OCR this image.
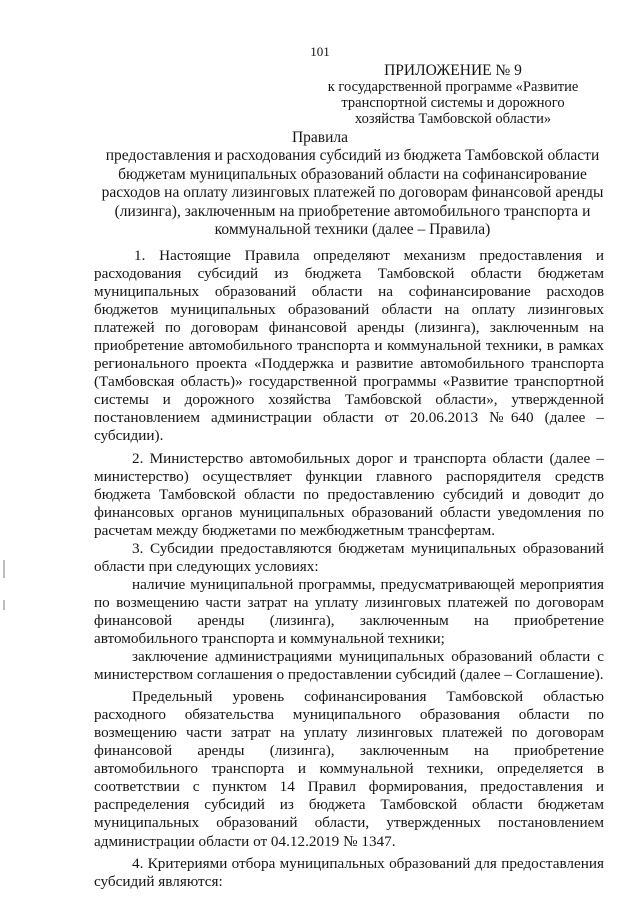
101
ПРИЛОЖЕНИЕ № 9
к государственной программе «Развитие
транспортной системы и дорожного
хозяйства Тамбовской области»
Правила
предоставления и расходования субсидий из бюджета Тамбовской области бюджетам муниципальных образований области на софинансирование расходов на оплату лизинговых платежей по договорам финансовой аренды (лизинга), заключенным на приобретение автомобильного транспорта и коммунальной техники (далее – Правила)

1. Настоящие Правила определяют механизм предоставления и расходования субсидий из бюджета Тамбовской области бюджетам муниципальных образований области на софинансирование расходов бюджетов муниципальных образований области на оплату лизинговых платежей по договорам финансовой аренды (лизинга), заключенным на приобретение автомобильного транспорта и коммунальной техники, в рамках регионального проекта «Поддержка и развитие автомобильного транспорта (Тамбовская область)» государственной программы «Развитие транспортной системы и дорожного хозяйства Тамбовской области», утвержденной постановлением администрации области от 20.06.2013 №640 (далее – субсидии).

2. Министерство автомобильных дорог и транспорта области (далее – министерство) осуществляет функции главного распорядителя средств бюджета Тамбовской области по предоставлению субсидий и доводит до финансовых органов муниципальных образований области уведомления по расчетам между бюджетами по межбюджетным трансфертам.

3. Субсидии предоставляются бюджетам муниципальных образований области при следующих условиях:

наличие муниципальной программы, предусматривающей мероприятия по возмещению части затрат на уплату лизинговых платежей по договорам финансовой аренды (лизинга), заключенным на приобретение автомобильного транспорта и коммунальной техники;

заключение администрациями муниципальных образований области с министерством соглашения о предоставлении субсидий (далее – Соглашение).

Предельный уровень софинансирования Тамбовской областью расходного обязательства муниципального образования области по возмещению части затрат на уплату лизинговых платежей по договорам финансовой аренды (лизинга), заключенным на приобретение автомобильного транспорта и коммунальной техники, определяется в соответствии с пунктом 14 Правил формирования, предоставления и распределения субсидий из бюджета Тамбовской области бюджетам муниципальных образований области, утвержденных постановлением администрации области от 04.12.2019 № 1347.

4. Критериями отбора муниципальных образований для предоставления субсидий являются:
